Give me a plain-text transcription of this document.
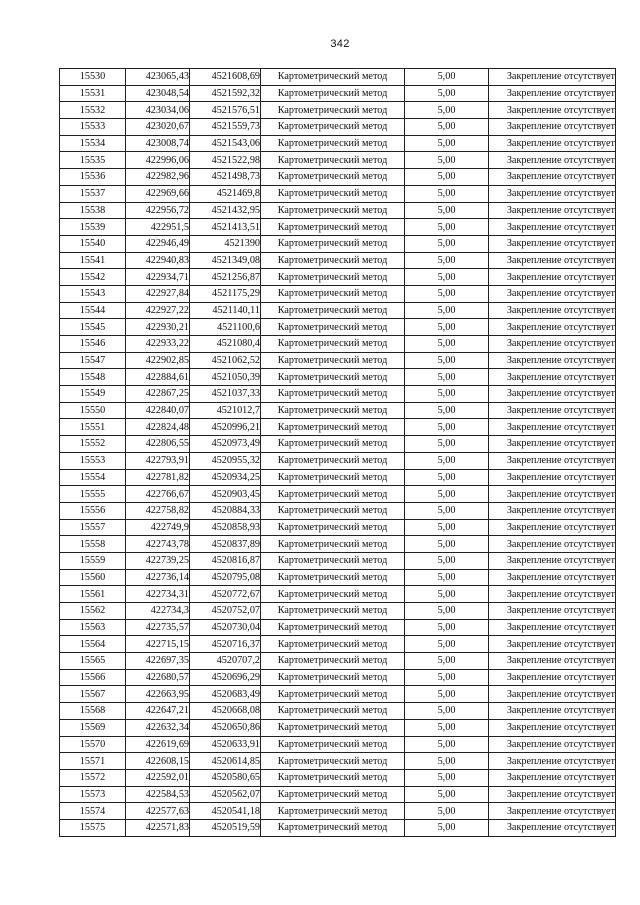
342
15530	423065,43	4521608,69	Картометрический метод	5,00	Закрепление отсутствует
15531	423048,54	4521592,32	Картометрический метод	5,00	Закрепление отсутствует
15532	423034,06	4521576,51	Картометрический метод	5,00	Закрепление отсутствует
15533	423020,67	4521559,73	Картометрический метод	5,00	Закрепление отсутствует
15534	423008,74	4521543,06	Картометрический метод	5,00	Закрепление отсутствует
15535	422996,06	4521522,98	Картометрический метод	5,00	Закрепление отсутствует
15536	422982,96	4521498,73	Картометрический метод	5,00	Закрепление отсутствует
15537	422969,66	4521469,8	Картометрический метод	5,00	Закрепление отсутствует
15538	422956,72	4521432,95	Картометрический метод	5,00	Закрепление отсутствует
15539	422951,5	4521413,51	Картометрический метод	5,00	Закрепление отсутствует
15540	422946,49	4521390	Картометрический метод	5,00	Закрепление отсутствует
15541	422940,83	4521349,08	Картометрический метод	5,00	Закрепление отсутствует
15542	422934,71	4521256,87	Картометрический метод	5,00	Закрепление отсутствует
15543	422927,84	4521175,29	Картометрический метод	5,00	Закрепление отсутствует
15544	422927,22	4521140,11	Картометрический метод	5,00	Закрепление отсутствует
15545	422930,21	4521100,6	Картометрический метод	5,00	Закрепление отсутствует
15546	422933,22	4521080,4	Картометрический метод	5,00	Закрепление отсутствует
15547	422902,85	4521062,52	Картометрический метод	5,00	Закрепление отсутствует
15548	422884,61	4521050,39	Картометрический метод	5,00	Закрепление отсутствует
15549	422867,25	4521037,33	Картометрический метод	5,00	Закрепление отсутствует
15550	422840,07	4521012,7	Картометрический метод	5,00	Закрепление отсутствует
15551	422824,48	4520996,21	Картометрический метод	5,00	Закрепление отсутствует
15552	422806,55	4520973,49	Картометрический метод	5,00	Закрепление отсутствует
15553	422793,91	4520955,32	Картометрический метод	5,00	Закрепление отсутствует
15554	422781,82	4520934,25	Картометрический метод	5,00	Закрепление отсутствует
15555	422766,67	4520903,45	Картометрический метод	5,00	Закрепление отсутствует
15556	422758,82	4520884,33	Картометрический метод	5,00	Закрепление отсутствует
15557	422749,9	4520858,93	Картометрический метод	5,00	Закрепление отсутствует
15558	422743,78	4520837,89	Картометрический метод	5,00	Закрепление отсутствует
15559	422739,25	4520816,87	Картометрический метод	5,00	Закрепление отсутствует
15560	422736,14	4520795,08	Картометрический метод	5,00	Закрепление отсутствует
15561	422734,31	4520772,67	Картометрический метод	5,00	Закрепление отсутствует
15562	422734,3	4520752,07	Картометрический метод	5,00	Закрепление отсутствует
15563	422735,57	4520730,04	Картометрический метод	5,00	Закрепление отсутствует
15564	422715,15	4520716,37	Картометрический метод	5,00	Закрепление отсутствует
15565	422697,35	4520707,2	Картометрический метод	5,00	Закрепление отсутствует
15566	422680,57	4520696,29	Картометрический метод	5,00	Закрепление отсутствует
15567	422663,95	4520683,49	Картометрический метод	5,00	Закрепление отсутствует
15568	422647,21	4520668,08	Картометрический метод	5,00	Закрепление отсутствует
15569	422632,34	4520650,86	Картометрический метод	5,00	Закрепление отсутствует
15570	422619,69	4520633,91	Картометрический метод	5,00	Закрепление отсутствует
15571	422608,15	4520614,85	Картометрический метод	5,00	Закрепление отсутствует
15572	422592,01	4520580,65	Картометрический метод	5,00	Закрепление отсутствует
15573	422584,53	4520562,07	Картометрический метод	5,00	Закрепление отсутствует
15574	422577,63	4520541,18	Картометрический метод	5,00	Закрепление отсутствует
15575	422571,83	4520519,59	Картометрический метод	5,00	Закрепление отсутствует
